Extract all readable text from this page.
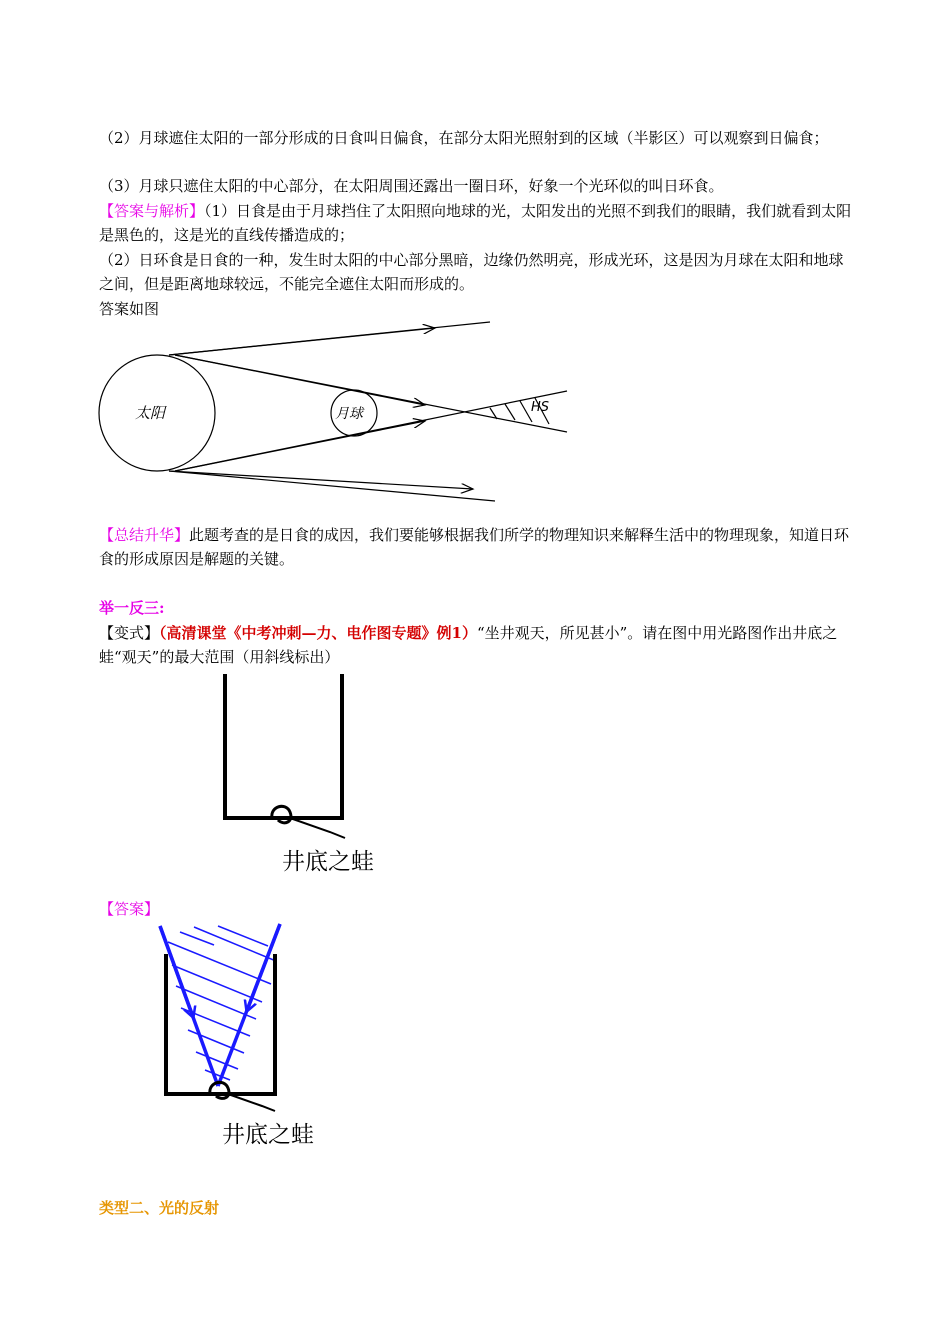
（2）月球遮住太阳的一部分形成的日食叫日偏食，在部分太阳光照射到的区域（半影区）可以观察到日偏食；

（3）月球只遮住太阳的中心部分，在太阳周围还露出一圈日环，好象一个光环似的叫日环食。

【答案与解析】（1）日食是由于月球挡住了太阳照向地球的光，太阳发出的光照不到我们的眼睛，我们就看到太阳是黑色的，这是光的直线传播造成的；

（2）日环食是日食的一种，发生时太阳的中心部分黑暗，边缘仍然明亮，形成光环，这是因为月球在太阳和地球之间，但是距离地球较远，不能完全遮住太阳而形成的。

答案如图

太阳	月球	HS

【总结升华】此题考查的是日食的成因，我们要能够根据我们所学的物理知识来解释生活中的物理现象，知道日环食的形成原因是解题的关键。

举一反三:

【变式】（高清课堂《中考冲刺—力、电作图专题》例1）“坐井观天，所见甚小”。请在图中用光路图作出井底之蛙“观天”的最大范围（用斜线标出）

井底之蛙

【答案】

井底之蛙

类型二、光的反射
